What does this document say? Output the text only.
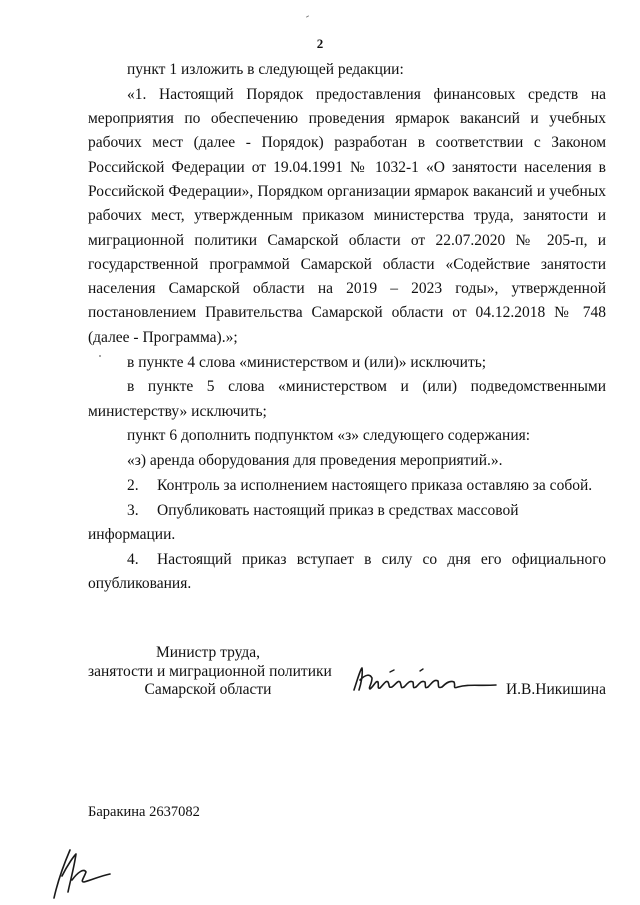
2

пункт 1 изложить в следующей редакции:

«1. Настоящий Порядок предоставления финансовых средств на мероприятия по обеспечению проведения ярмарок вакансий и учебных рабочих мест (далее - Порядок) разработан в соответствии с Законом Российской Федерации от 19.04.1991 № 1032-1 «О занятости населения в Российской Федерации», Порядком организации ярмарок вакансий и учебных рабочих мест, утвержденным приказом министерства труда, занятости и миграционной политики Самарской области от 22.07.2020 № 205-п, и государственной программой Самарской области «Содействие занятости населения Самарской области на 2019 – 2023 годы», утвержденной постановлением Правительства Самарской области от 04.12.2018 № 748 (далее - Программа).»;

в пункте 4 слова «министерством и (или)» исключить;

в пункте 5 слова «министерством и (или) подведомственными министерству» исключить;

пункт 6 дополнить подпунктом «з» следующего содержания:

«з) аренда оборудования для проведения мероприятий.».

2. Контроль за исполнением настоящего приказа оставляю за собой.

3. Опубликовать настоящий приказ в средствах массовой информации.

4. Настоящий приказ вступает в силу со дня его официального опубликования.

Министр труда,
занятости и миграционной политики
Самарской области	И.В.Никишина
Баракина 2637082
